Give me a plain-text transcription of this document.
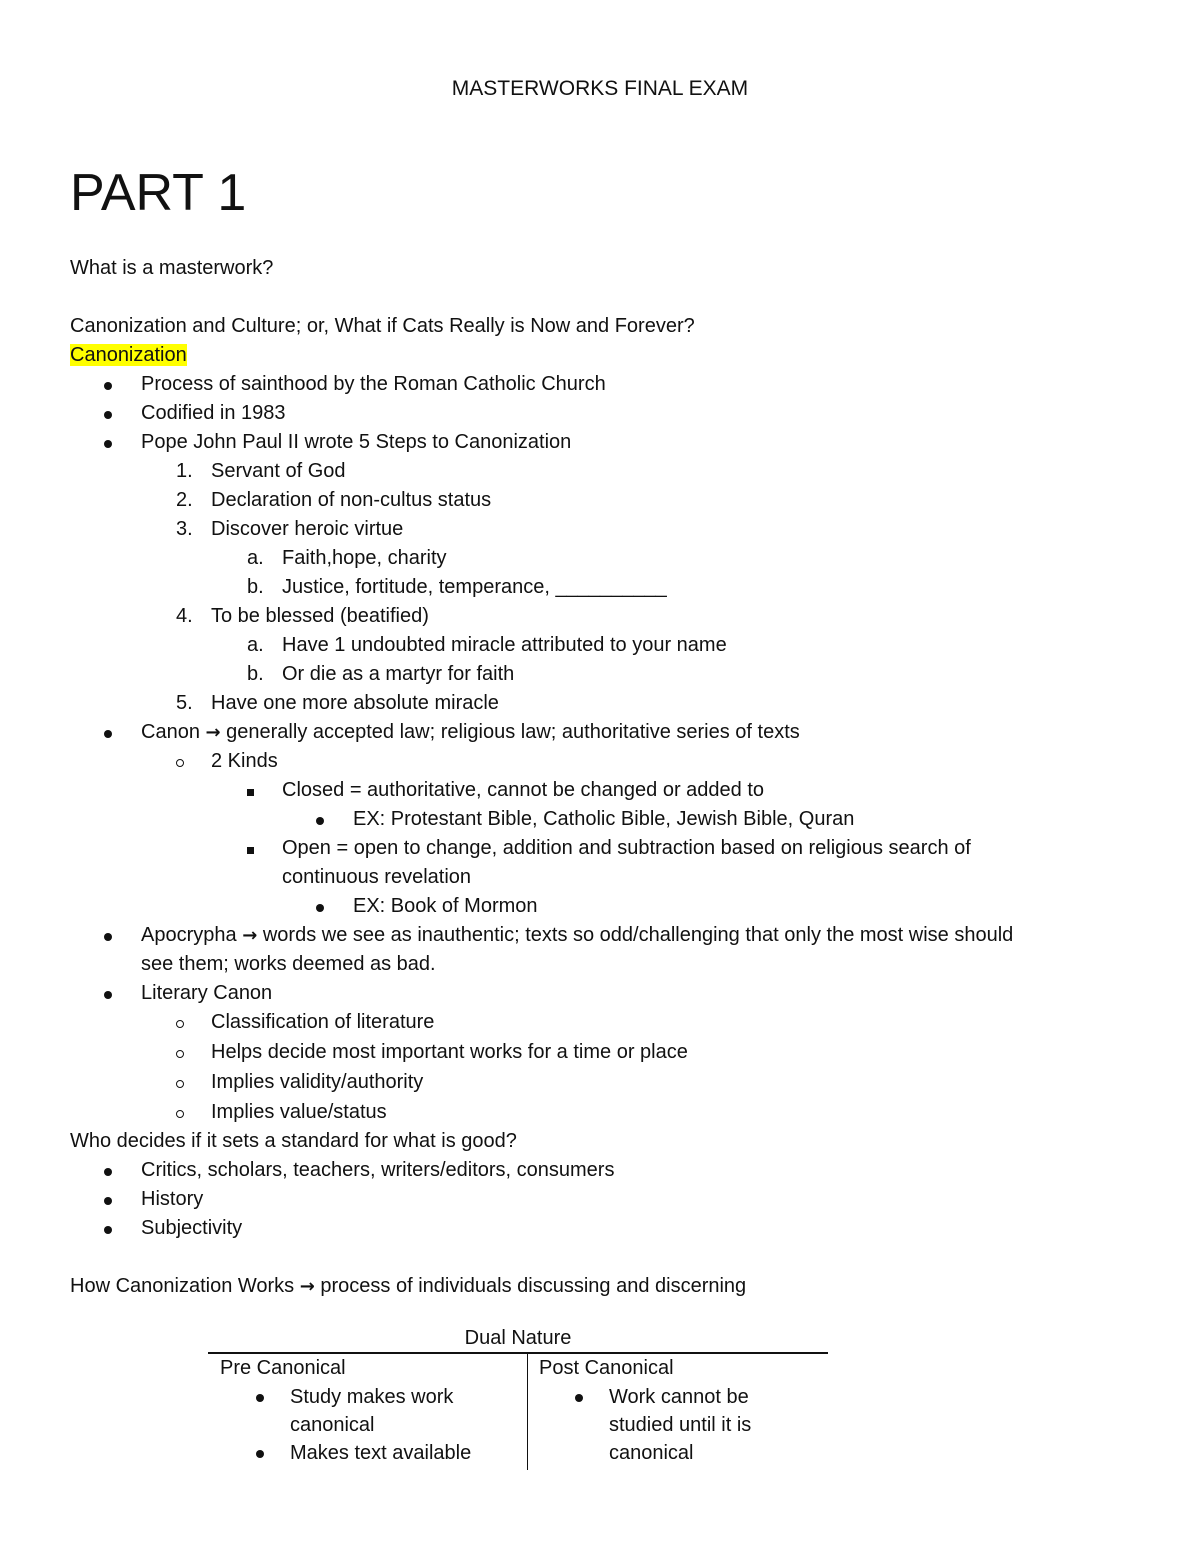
MASTERWORKS FINAL EXAM
PART 1

What is a masterwork?

Canonization and Culture; or, What if Cats Really is Now and Forever?

Canonization

Process of sainthood by the Roman Catholic Church
Codified in 1983
Pope John Paul II wrote 5 Steps to Canonization
1. Servant of God
2. Declaration of non-cultus status
3. Discover heroic virtue
a. Faith,hope, charity
b. Justice, fortitude, temperance, __________
4. To be blessed (beatified)
a. Have 1 undoubted miracle attributed to your name
b. Or die as a martyr for faith
5. Have one more absolute miracle
Canon → generally accepted law; religious law; authoritative series of texts
2 Kinds
Closed = authoritative, cannot be changed or added to
EX: Protestant Bible, Catholic Bible, Jewish Bible, Quran
Open = open to change, addition and subtraction based on religious search of
continuous revelation
EX: Book of Mormon
Apocrypha → words we see as inauthentic; texts so odd/challenging that only the most wise should
see them; works deemed as bad.
Literary Canon
Classification of literature
Helps decide most important works for a time or place
Implies validity/authority
Implies value/status

Who decides if it sets a standard for what is good?

Critics, scholars, teachers, writers/editors, consumers
History
Subjectivity

How Canonization Works → process of individuals discussing and discerning

Dual Nature
Pre Canonical
Study makes work
canonical
Makes text available
Post Canonical
Work cannot be
studied until it is
canonical
